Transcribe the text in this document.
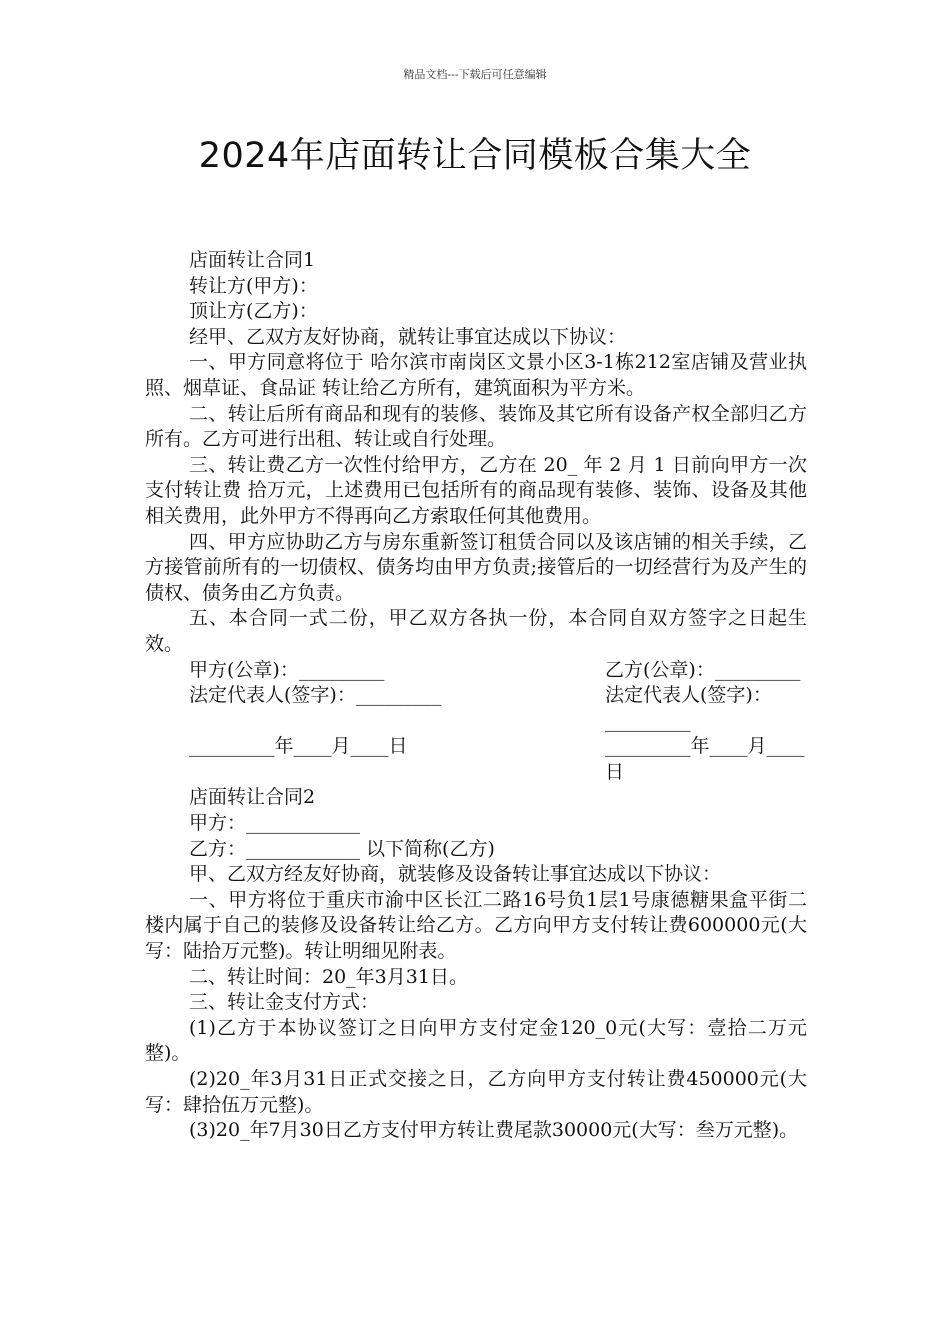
精品文档---下载后可任意编辑
2024年店面转让合同模板合集大全

店面转让合同1

转让方(甲方)：

顶让方(乙方)：

经甲、乙双方友好协商，就转让事宜达成以下协议：

一、甲方同意将位于 哈尔滨市南岗区文景小区3-1栋212室店铺及营业执照、烟草证、食品证 转让给乙方所有，建筑面积为平方米。

二、转让后所有商品和现有的装修、装饰及其它所有设备产权全部归乙方所有。乙方可进行出租、转让或自行处理。

三、转让费乙方一次性付给甲方，乙方在 20_ 年 2 月 1 日前向甲方一次支付转让费 拾万元，上述费用已包括所有的商品现有装修、装饰、设备及其他相关费用，此外甲方不得再向乙方索取任何其他费用。

四、甲方应协助乙方与房东重新签订租赁合同以及该店铺的相关手续，乙方接管前所有的一切债权、债务均由甲方负责;接管后的一切经营行为及产生的债权、债务由乙方负责。

五、本合同一式二份，甲乙双方各执一份，本合同自双方签字之日起生效。

甲方(公章)：_________	乙方(公章)：_________
法定代表人(签字)：_________	法定代表人(签字)：_________
_________年____月____日	_________年____月____日

店面转让合同2

甲方：____________

乙方：____________ 以下简称(乙方)

甲、乙双方经友好协商，就装修及设备转让事宜达成以下协议：

一、甲方将位于重庆市渝中区长江二路16号负1层1号康德糖果盒平街二楼内属于自己的装修及设备转让给乙方。乙方向甲方支付转让费600000元(大写：陆拾万元整)。转让明细见附表。

二、转让时间：20_年3月31日。

三、转让金支付方式：

(1)乙方于本协议签订之日向甲方支付定金120_0元(大写：壹拾二万元整)。

(2)20_年3月31日正式交接之日，乙方向甲方支付转让费450000元(大写：肆拾伍万元整)。

(3)20_年7月30日乙方支付甲方转让费尾款30000元(大写：叁万元整)。
